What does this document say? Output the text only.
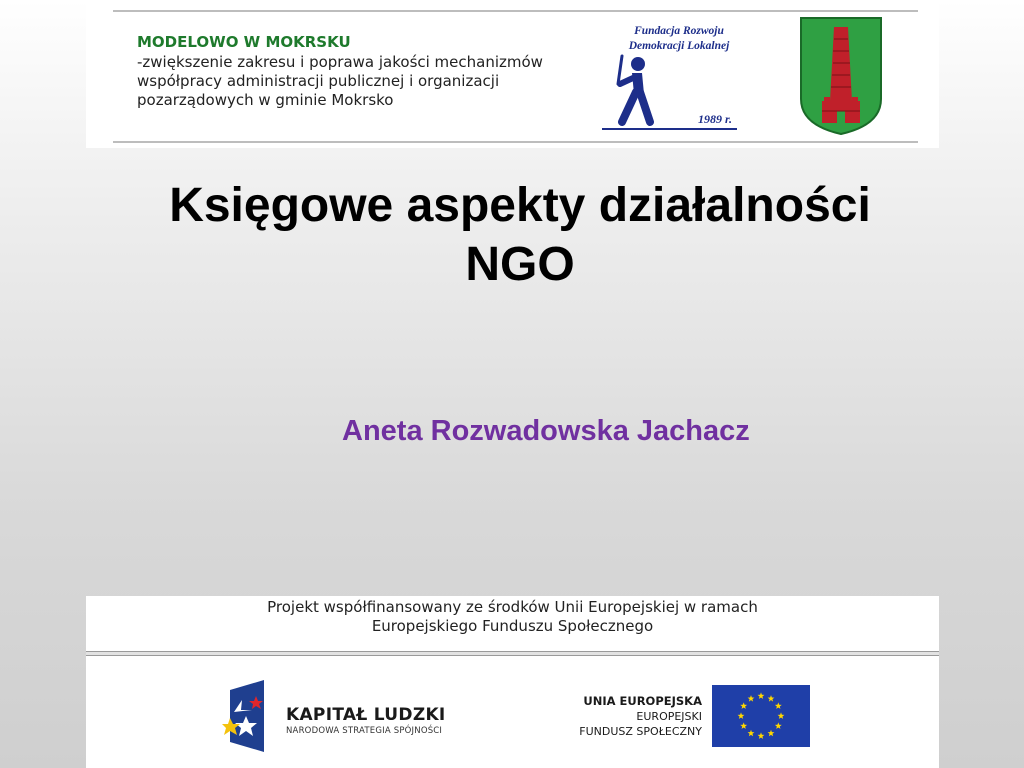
MODELOWO W MOKRSKU

-zwiększenie zakresu i poprawa jakości mechanizmów

współpracy administracji publicznej i organizacji

pozarządowych w gminie Mokrsko

Fundacja Rozwoju
Demokracji Lokalnej
1989 r.
Księgowe aspekty działalności
NGO

Aneta Rozwadowska Jachacz

Projekt współfinansowany ze środków Unii Europejskiej w ramach

Europejskiego Funduszu Społecznego

KAPITAŁ LUDZKI
NARODOWA STRATEGIA SPÓJNOŚCI
UNIA EUROPEJSKA
EUROPEJSKI
FUNDUSZ SPOŁECZNY
